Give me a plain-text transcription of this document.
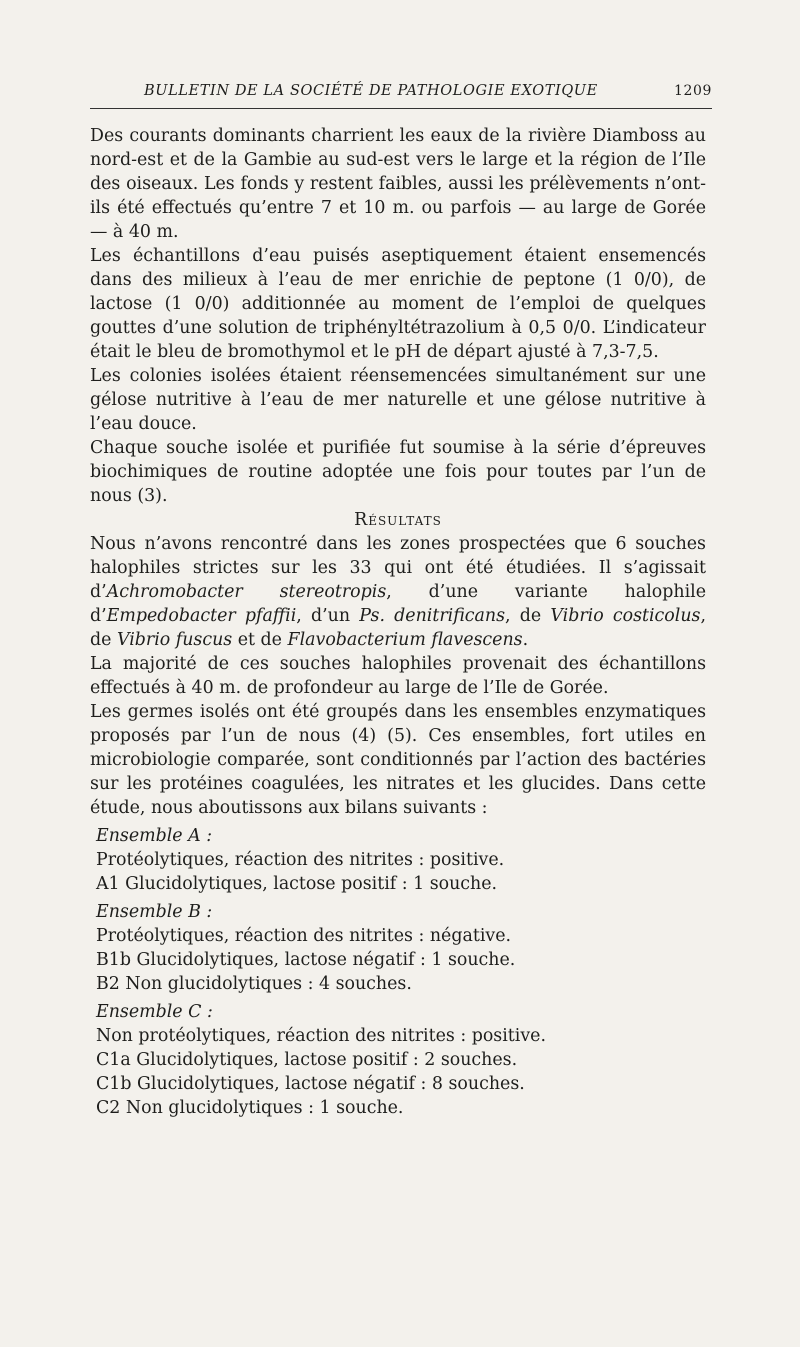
BULLETIN DE LA SOCIÉTÉ DE PATHOLOGIE EXOTIQUE	1209

Des courants dominants charrient les eaux de la rivière Diamboss au nord-est et de la Gambie au sud-est vers le large et la région de l’Ile des oiseaux. Les fonds y restent faibles, aussi les prélèvements n’ont-ils été effectués qu’entre 7 et 10 m. ou parfois — au large de Gorée — à 40 m.

Les échantillons d’eau puisés aseptiquement étaient ensemencés dans des milieux à l’eau de mer enrichie de peptone (1 0/0), de lactose (1 0/0) additionnée au moment de l’emploi de quelques gouttes d’une solution de triphényltétrazolium à 0,5 0/0. L’indicateur était le bleu de bromothymol et le pH de départ ajusté à 7,3-7,5.

Les colonies isolées étaient réensemencées simultanément sur une gélose nutritive à l’eau de mer naturelle et une gélose nutritive à l’eau douce.

Chaque souche isolée et purifiée fut soumise à la série d’épreuves biochimiques de routine adoptée une fois pour toutes par l’un de nous (3).

Résultats

Nous n’avons rencontré dans les zones prospectées que 6 souches halophiles strictes sur les 33 qui ont été étudiées. Il s’agissait d’Achromobacter stereotropis, d’une variante halophile d’Empedobacter pfaffii, d’un Ps. denitrificans, de Vibrio costicolus, de Vibrio fuscus et de Flavobacterium flavescens.

La majorité de ces souches halophiles provenait des échantillons effectués à 40 m. de profondeur au large de l’Ile de Gorée.

Les germes isolés ont été groupés dans les ensembles enzymatiques proposés par l’un de nous (4) (5). Ces ensembles, fort utiles en microbiologie comparée, sont conditionnés par l’action des bactéries sur les protéines coagulées, les nitrates et les glucides. Dans cette étude, nous aboutissons aux bilans suivants :

Ensemble A :
Protéolytiques, réaction des nitrites : positive.
A1 Glucidolytiques, lactose positif : 1 souche.
Ensemble B :
Protéolytiques, réaction des nitrites : négative.
B1b Glucidolytiques, lactose négatif : 1 souche.
B2 Non glucidolytiques : 4 souches.
Ensemble C :
Non protéolytiques, réaction des nitrites : positive.
C1a Glucidolytiques, lactose positif : 2 souches.
C1b Glucidolytiques, lactose négatif : 8 souches.
C2 Non glucidolytiques : 1 souche.
